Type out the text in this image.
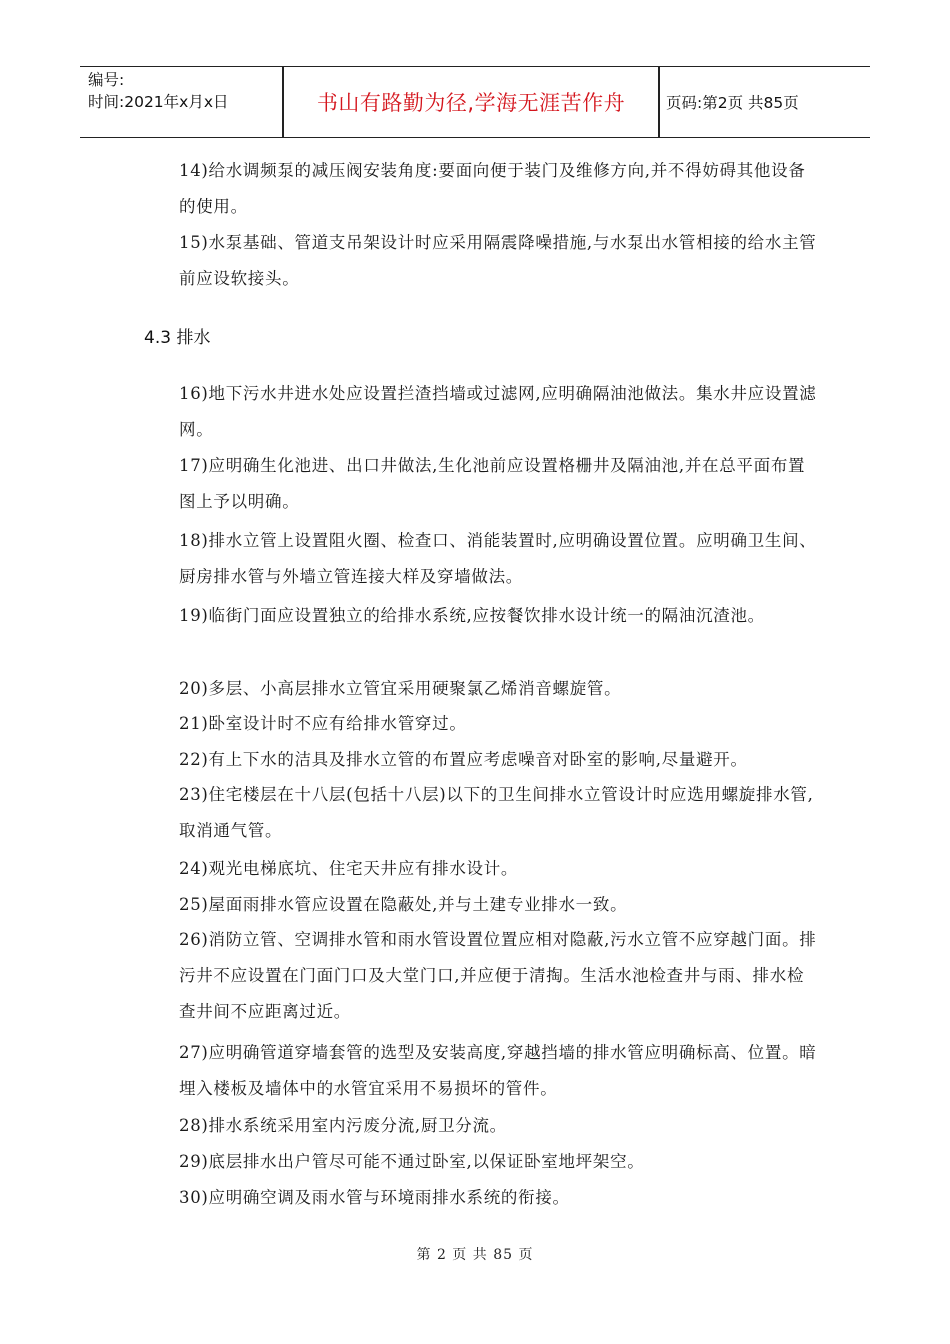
编号:
时间:2021年x月x日	书山有路勤为径,学海无涯苦作舟	页码:第2页 共85页
14)给水调频泵的减压阀安装角度:要面向便于装门及维修方向,并不得妨碍其他设备的使用。
15)水泵基础、管道支吊架设计时应采用隔震降噪措施,与水泵出水管相接的给水主管前应设软接头。
4.3 排水
16)地下污水井进水处应设置拦渣挡墙或过滤网,应明确隔油池做法。集水井应设置滤网。
17)应明确生化池进、出口井做法,生化池前应设置格栅井及隔油池,并在总平面布置图上予以明确。
18)排水立管上设置阻火圈、检查口、消能装置时,应明确设置位置。应明确卫生间、厨房排水管与外墙立管连接大样及穿墙做法。
19)临街门面应设置独立的给排水系统,应按餐饮排水设计统一的隔油沉渣池。
20)多层、小高层排水立管宜采用硬聚氯乙烯消音螺旋管。
21)卧室设计时不应有给排水管穿过。
22)有上下水的洁具及排水立管的布置应考虑噪音对卧室的影响,尽量避开。
23)住宅楼层在十八层(包括十八层)以下的卫生间排水立管设计时应选用螺旋排水管,取消通气管。
24)观光电梯底坑、住宅天井应有排水设计。
25)屋面雨排水管应设置在隐蔽处,并与土建专业排水一致。
26)消防立管、空调排水管和雨水管设置位置应相对隐蔽,污水立管不应穿越门面。排污井不应设置在门面门口及大堂门口,并应便于清掏。生活水池检查井与雨、排水检查井间不应距离过近。
27)应明确管道穿墙套管的选型及安装高度,穿越挡墙的排水管应明确标高、位置。暗埋入楼板及墙体中的水管宜采用不易损坏的管件。
28)排水系统采用室内污废分流,厨卫分流。
29)底层排水出户管尽可能不通过卧室,以保证卧室地坪架空。
30)应明确空调及雨水管与环境雨排水系统的衔接。
第 2 页 共 85 页
